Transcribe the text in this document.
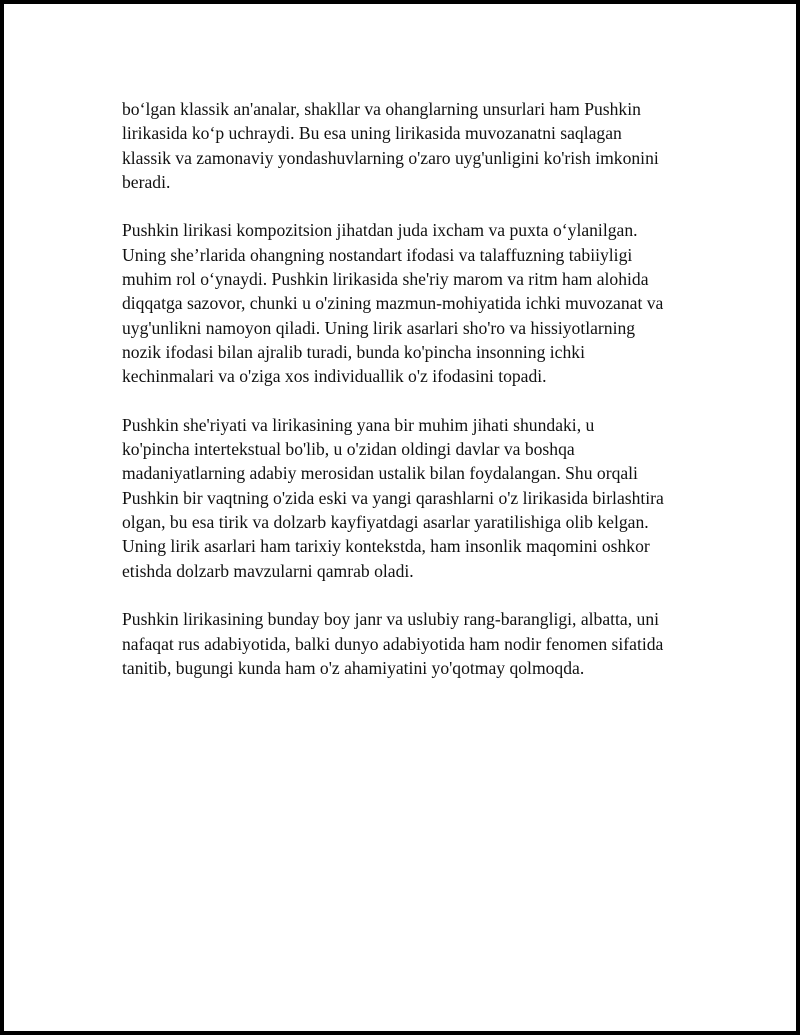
bo‘lgan klassik an'analar, shakllar va ohanglarning unsurlari ham Pushkin
lirikasida ko‘p uchraydi. Bu esa uning lirikasida muvozanatni saqlagan
klassik va zamonaviy yondashuvlarning o'zaro uyg'unligini ko'rish imkonini
beradi.

Pushkin lirikasi kompozitsion jihatdan juda ixcham va puxta o‘ylanilgan.
Uning she’rlarida ohangning nostandart ifodasi va talaffuzning tabiiyligi
muhim rol o‘ynaydi. Pushkin lirikasida she'riy marom va ritm ham alohida
diqqatga sazovor, chunki u o'zining mazmun-mohiyatida ichki muvozanat va
uyg'unlikni namoyon qiladi. Uning lirik asarlari sho'ro va hissiyotlarning
nozik ifodasi bilan ajralib turadi, bunda ko'pincha insonning ichki
kechinmalari va o'ziga xos individuallik o'z ifodasini topadi.

Pushkin she'riyati va lirikasining yana bir muhim jihati shundaki, u
ko'pincha intertekstual bo'lib, u o'zidan oldingi davlar va boshqa
madaniyatlarning adabiy merosidan ustalik bilan foydalangan. Shu orqali
Pushkin bir vaqtning o'zida eski va yangi qarashlarni o'z lirikasida birlashtira
olgan, bu esa tirik va dolzarb kayfiyatdagi asarlar yaratilishiga olib kelgan.
Uning lirik asarlari ham tarixiy kontekstda, ham insonlik maqomini oshkor
etishda dolzarb mavzularni qamrab oladi.

Pushkin lirikasining bunday boy janr va uslubiy rang-barangligi, albatta, uni
nafaqat rus adabiyotida, balki dunyo adabiyotida ham nodir fenomen sifatida
tanitib, bugungi kunda ham o'z ahamiyatini yo'qotmay qolmoqda.
